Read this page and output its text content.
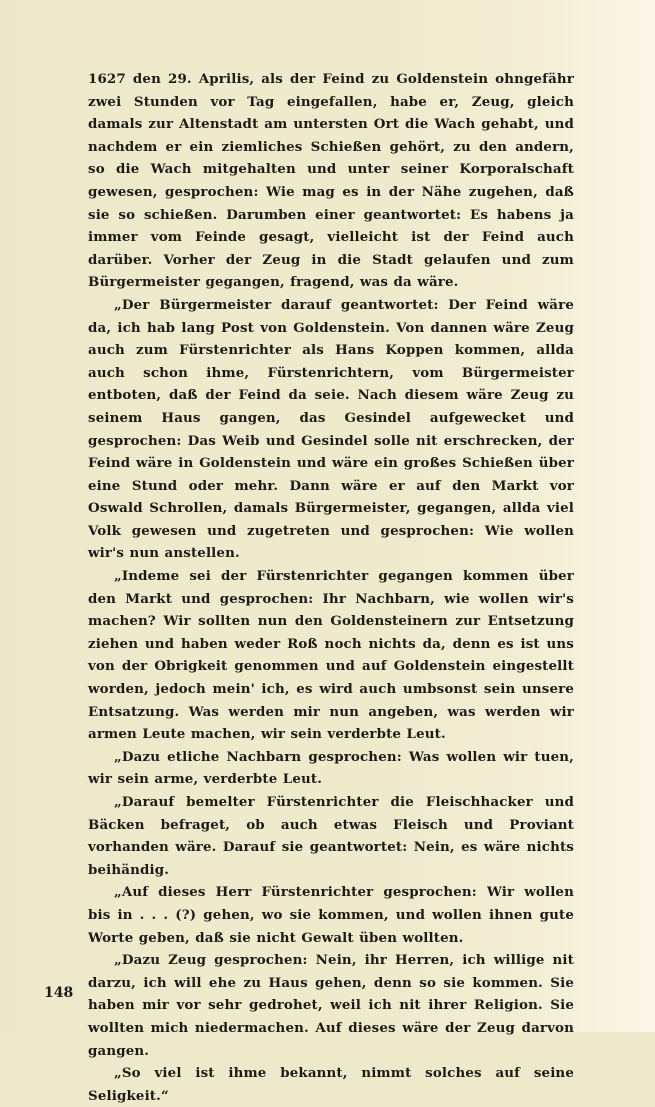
1627 den 29. Aprilis, als der Feind zu Goldenstein ohngefähr zwei Stunden vor Tag eingefallen, habe er, Zeug, gleich damals zur Altenstadt am untersten Ort die Wach gehabt, und nachdem er ein ziemliches Schießen gehört, zu den andern, so die Wach mitgehalten und unter seiner Korporalschaft gewesen, gesprochen: Wie mag es in der Nähe zugehen, daß sie so schießen. Darumben einer geantwortet: Es habens ja immer vom Feinde gesagt, vielleicht ist der Feind auch darüber. Vorher der Zeug in die Stadt gelaufen und zum Bürgermeister gegangen, fragend, was da wäre.

„Der Bürgermeister darauf geantwortet: Der Feind wäre da, ich hab lang Post von Goldenstein. Von dannen wäre Zeug auch zum Fürstenrichter als Hans Koppen kommen, allda auch schon ihme, Fürstenrichtern, vom Bürgermeister entboten, daß der Feind da seie. Nach diesem wäre Zeug zu seinem Haus gangen, das Gesindel aufgewecket und gesprochen: Das Weib und Gesindel solle nit erschrecken, der Feind wäre in Goldenstein und wäre ein großes Schießen über eine Stund oder mehr. Dann wäre er auf den Markt vor Oswald Schrollen, damals Bürgermeister, gegangen, allda viel Volk gewesen und zugetreten und gesprochen: Wie wollen wir's nun anstellen.

„Indeme sei der Fürstenrichter gegangen kommen über den Markt und gesprochen: Ihr Nachbarn, wie wollen wir's machen? Wir sollten nun den Goldensteinern zur Entsetzung ziehen und haben weder Roß noch nichts da, denn es ist uns von der Obrigkeit genommen und auf Goldenstein eingestellt worden, jedoch mein' ich, es wird auch umbsonst sein unsere Entsatzung. Was werden mir nun angeben, was werden wir armen Leute machen, wir sein verderbte Leut.

„Dazu etliche Nachbarn gesprochen: Was wollen wir tuen, wir sein arme, verderbte Leut.

„Darauf bemelter Fürstenrichter die Fleischhacker und Bäcken befraget, ob auch etwas Fleisch und Proviant vorhanden wäre. Darauf sie geantwortet: Nein, es wäre nichts beihändig.

„Auf dieses Herr Fürstenrichter gesprochen: Wir wollen bis in . . . (?) gehen, wo sie kommen, und wollen ihnen gute Worte geben, daß sie nicht Gewalt üben wollten.

„Dazu Zeug gesprochen: Nein, ihr Herren, ich willige nit darzu, ich will ehe zu Haus gehen, denn so sie kommen. Sie haben mir vor sehr gedrohet, weil ich nit ihrer Religion. Sie wollten mich niedermachen. Auf dieses wäre der Zeug darvon gangen.

„So viel ist ihme bekannt, nimmt solches auf seine Seligkeit.“

148
